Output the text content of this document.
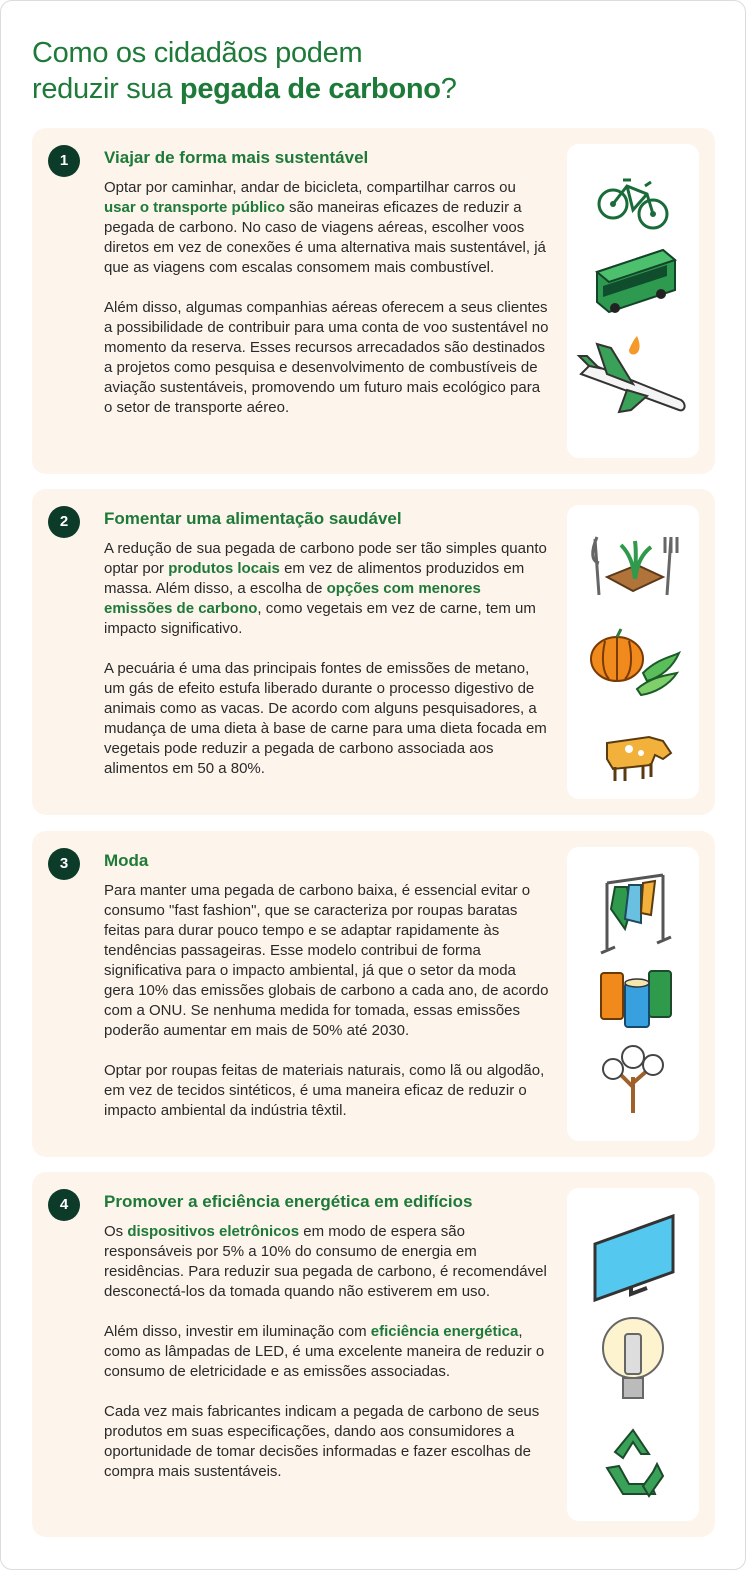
Como os cidadãos podem
reduzir sua pegada de carbono?
1	Viajar de forma mais sustentável

Optar por caminhar, andar de bicicleta, compartilhar carros ou usar o transporte público são maneiras eficazes de reduzir a pegada de carbono. No caso de viagens aéreas, escolher voos diretos em vez de conexões é uma alternativa mais sustentável, já que as viagens com escalas consomem mais combustível.

Além disso, algumas companhias aéreas oferecem a seus clientes a possibilidade de contribuir para uma conta de voo sustentável no momento da reserva. Esses recursos arrecadados são destinados a projetos como pesquisa e desenvolvimento de combustíveis de aviação sustentáveis, promovendo um futuro mais ecológico para o setor de transporte aéreo.

2	Fomentar uma alimentação saudável

A redução de sua pegada de carbono pode ser tão simples quanto optar por produtos locais em vez de alimentos produzidos em massa. Além disso, a escolha de opções com menores emissões de carbono, como vegetais em vez de carne, tem um impacto significativo.

A pecuária é uma das principais fontes de emissões de metano, um gás de efeito estufa liberado durante o processo digestivo de animais como as vacas. De acordo com alguns pesquisadores, a mudança de uma dieta à base de carne para uma dieta focada em vegetais pode reduzir a pegada de carbono associada aos alimentos em 50 a 80%.

3	Moda

Para manter uma pegada de carbono baixa, é essencial evitar o consumo "fast fashion", que se caracteriza por roupas baratas feitas para durar pouco tempo e se adaptar rapidamente às tendências passageiras. Esse modelo contribui de forma significativa para o impacto ambiental, já que o setor da moda gera 10% das emissões globais de carbono a cada ano, de acordo com a ONU. Se nenhuma medida for tomada, essas emissões poderão aumentar em mais de 50% até 2030.

Optar por roupas feitas de materiais naturais, como lã ou algodão, em vez de tecidos sintéticos, é uma maneira eficaz de reduzir o impacto ambiental da indústria têxtil.

4	Promover a eficiência energética em edifícios

Os dispositivos eletrônicos em modo de espera são responsáveis por 5% a 10% do consumo de energia em residências. Para reduzir sua pegada de carbono, é recomendável desconectá-los da tomada quando não estiverem em uso.

Além disso, investir em iluminação com eficiência energética, como as lâmpadas de LED, é uma excelente maneira de reduzir o consumo de eletricidade e as emissões associadas.

Cada vez mais fabricantes indicam a pegada de carbono de seus produtos em suas especificações, dando aos consumidores a oportunidade de tomar decisões informadas e fazer escolhas de compra mais sustentáveis.
